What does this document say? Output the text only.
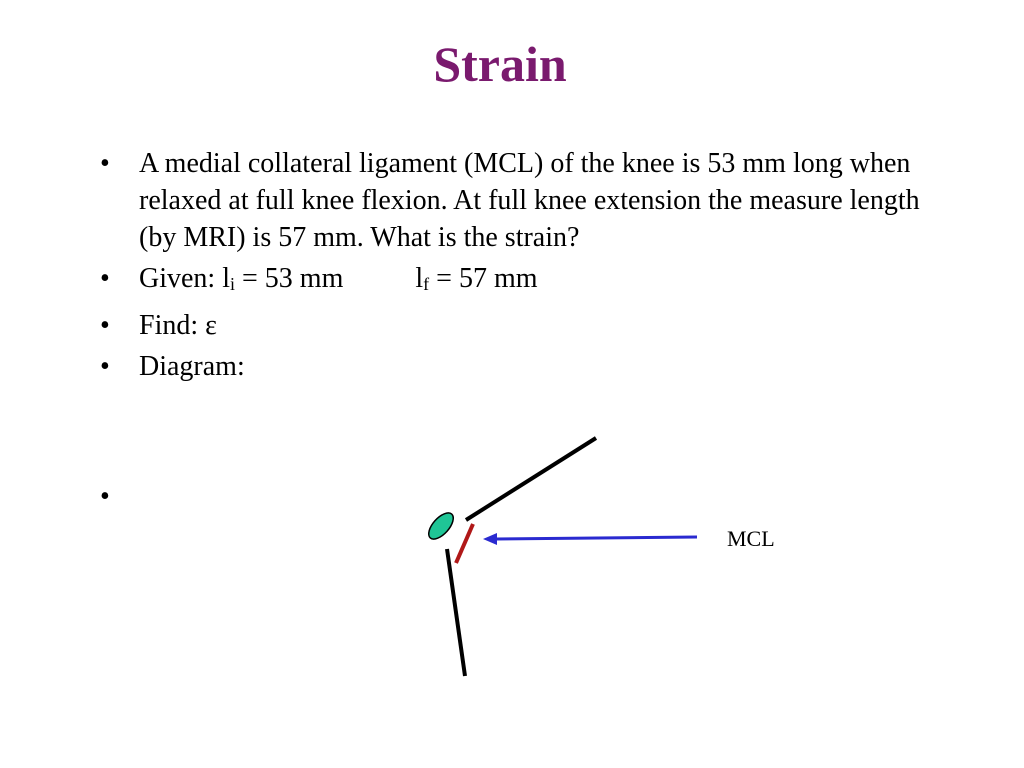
Strain
• A medial collateral ligament (MCL) of the knee is 53 mm long when relaxed at full knee flexion. At full knee extension the measure length (by MRI) is 57 mm. What is the strain?
• Given: li = 53 mm	lf = 57 mm
• Find: ε
• Diagram:
•
MCL
